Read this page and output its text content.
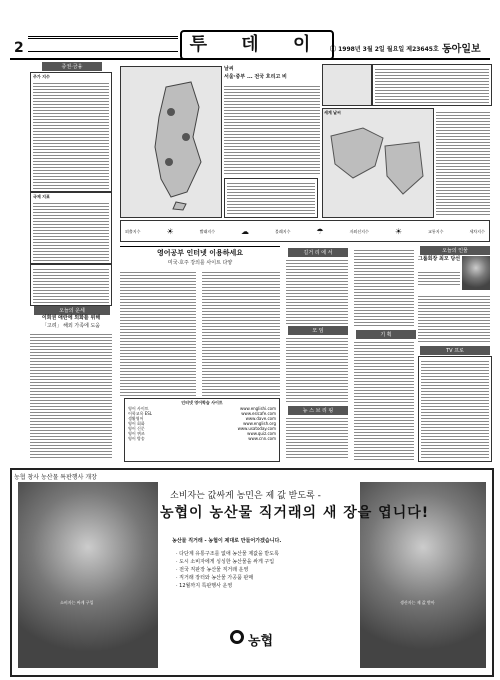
2	투 데 이 ⓒ 1998년 3월 2일 월요일 제23645호 동아일보
증권·금융
주가 지수
국제 지표
오늘의 운세
이희권 애란에 외화를 위해
「고려」 해외 가족에 도움
날씨
서울·중부 ... 전국 흐리고 비
세계 날씨
외출지수	☀	빨래지수	☁	불쾌지수	☂	자외선지수	☀	교통지수	세차지수
영어공부 인터넷 이용하세요
미국·호주 강의를 사이트 다양
인터넷 영어학습 사이트
영어 사이트	www.englishi.com
어학교육 ESL	www.eslcafe.com
생활영어	www.dave.com
영어 회화	www.english.org
영어 신문	www.usatoday.com
영어 퀴즈	www.quiz.com
영어 방송	www.cnn.com
길거 리 에 서
모 임
뉴 스 브 리 핑
기 획
오늘의 인물
그룹회장 최모 당선
TV 프로
농협 창사 농산물 특판행사 개장
소비자는 싸게 구입	생산자는 제 값 받아
소비자는 값싸게 농민은 제 값 받도록 -
농협이 농산물 직거래의 새 장을 엽니다!
농산물 직거래 - 농협이 제대로 만들어가겠습니다.
· 다단계 유통구조를 없애 농산물 제값을 받도록
· 도시 소비자에게 싱싱한 농산물을 싸게 구입
· 전국 직판장 농산물 직거래 운영
· 직거래 장터와 농산물 가공품 판매
· 12월까지 특판행사 운영
농협
